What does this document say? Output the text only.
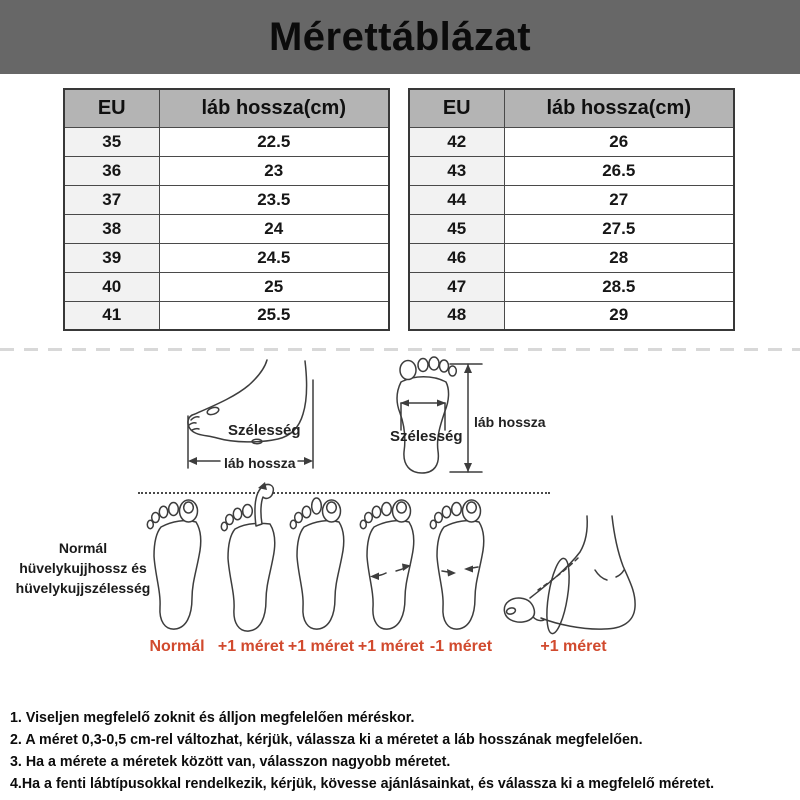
Mérettáblázat
EU	láb hossza(cm)
35	22.5
36	23
37	23.5
38	24
39	24.5
40	25
41	25.5
EU	láb hossza(cm)
42	26
43	26.5
44	27
45	27.5
46	28
47	28.5
48	29
Szélesség
láb hossza
Szélesség
láb hossza
Normál hüvelykujjhossz és hüvelykujjszélesség
Normál +1 méret +1 méret +1 méret -1 méret	+1 méret
1. Viseljen megfelelő zoknit és álljon megfelelően méréskor.
2. A méret 0,3-0,5 cm-rel változhat, kérjük, válassza ki a méretet a láb hosszának megfelelően.
3. Ha a mérete a méretek között van, válasszon nagyobb méretet.
4.Ha a fenti lábtípusokkal rendelkezik, kérjük, kövesse ajánlásainkat, és válassza ki a megfelelő méretet.
